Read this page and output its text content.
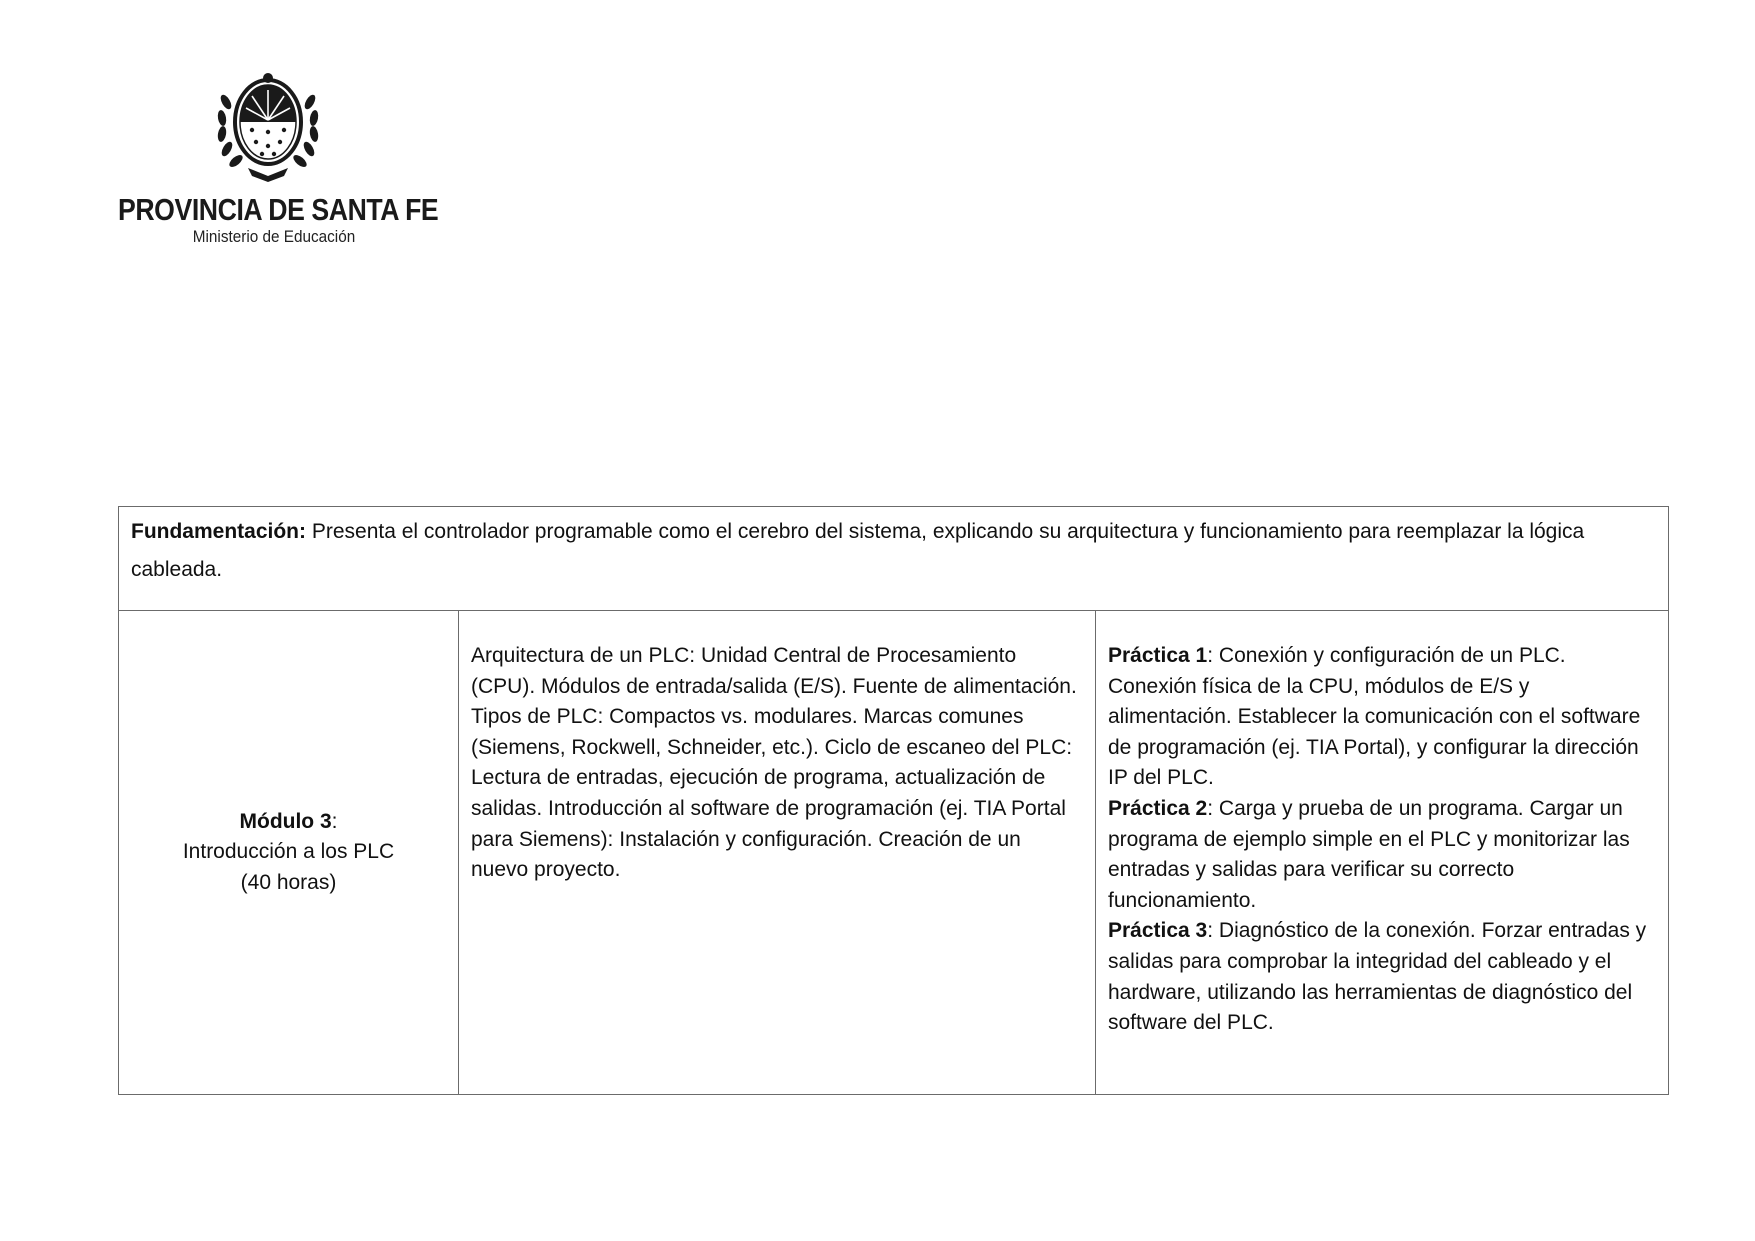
PROVINCIA DE SANTA FE
Ministerio de Educación
Fundamentación: Presenta el controlador programable como el cerebro del sistema, explicando su arquitectura y funcionamiento para reemplazar la lógica cableada.

Módulo 3:
Introducción a los PLC
(40 horas)

Arquitectura de un PLC: Unidad Central de Procesamiento (CPU). Módulos de entrada/salida (E/S). Fuente de alimentación. Tipos de PLC: Compactos vs. modulares. Marcas comunes (Siemens, Rockwell, Schneider, etc.). Ciclo de escaneo del PLC: Lectura de entradas, ejecución de programa, actualización de salidas. Introducción al software de programación (ej. TIA Portal para Siemens): Instalación y configuración. Creación de un nuevo proyecto.

Práctica 1: Conexión y configuración de un PLC. Conexión física de la CPU, módulos de E/S y alimentación. Establecer la comunicación con el software de programación (ej. TIA Portal), y configurar la dirección IP del PLC.
Práctica 2: Carga y prueba de un programa. Cargar un programa de ejemplo simple en el PLC y monitorizar las entradas y salidas para verificar su correcto funcionamiento.
Práctica 3: Diagnóstico de la conexión. Forzar entradas y salidas para comprobar la integridad del cableado y el hardware, utilizando las herramientas de diagnóstico del software del PLC.
